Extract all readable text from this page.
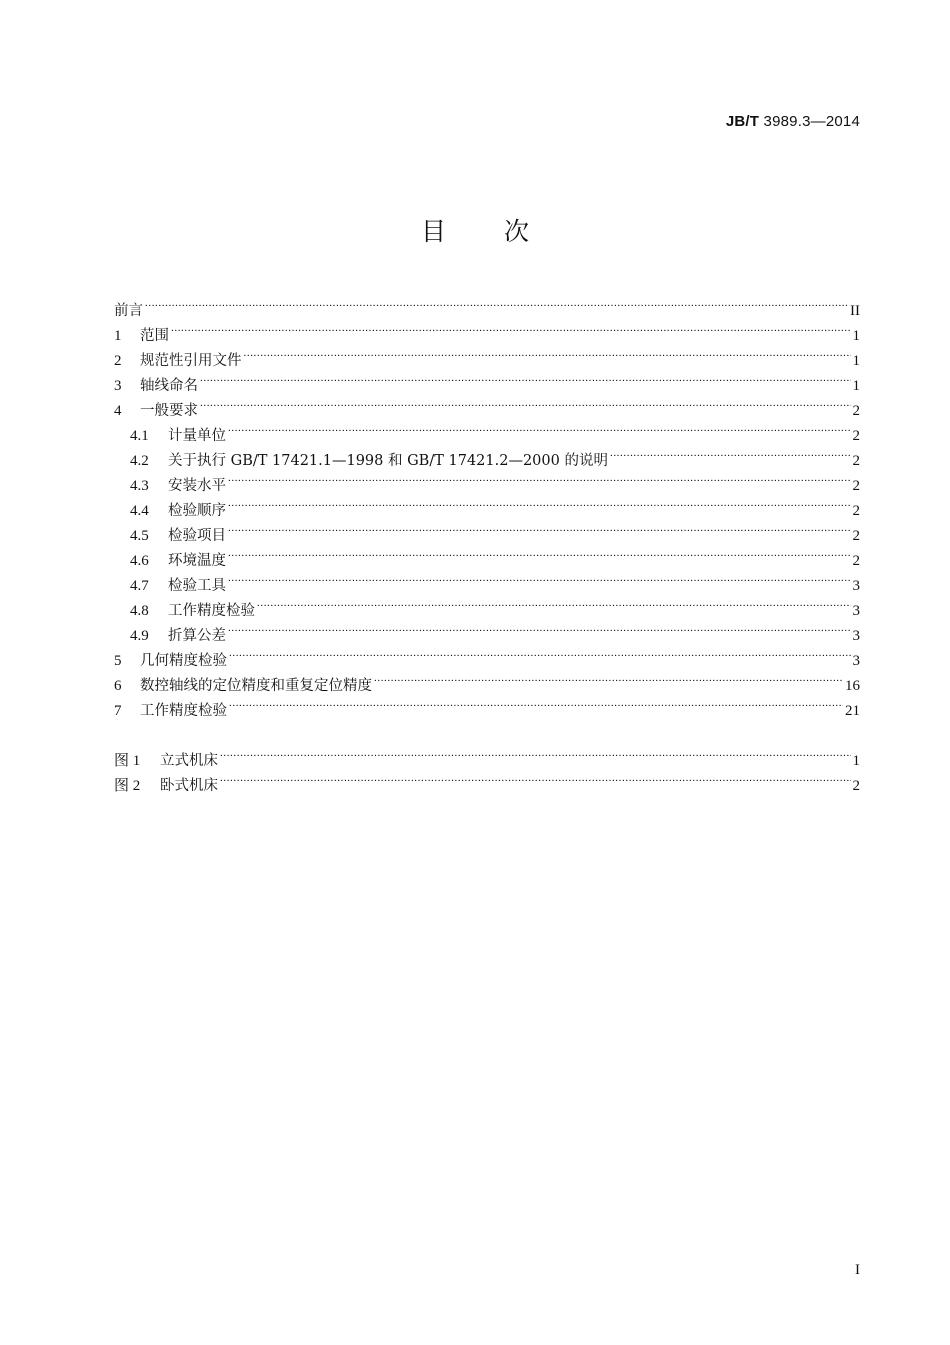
JB/T 3989.3—2014
目 次
前言 .....	II
1	范围 .....	1
2	规范性引用文件 .....	1
3	轴线命名 .....	1
4	一般要求 .....	2
4.1	计量单位 .....	2
4.2	关于执行 GB/T 17421.1—1998 和 GB/T 17421.2—2000 的说明 .....	2
4.3	安装水平 .....	2
4.4	检验顺序 .....	2
4.5	检验项目 .....	2
4.6	环境温度 .....	2
4.7	检验工具 .....	3
4.8	工作精度检验 .....	3
4.9	折算公差 .....	3
5	几何精度检验 .....	3
6	数控轴线的定位精度和重复定位精度 .....	16
7	工作精度检验 .....	21
图 1	立式机床 .....	1
图 2	卧式机床 .....	2
I
